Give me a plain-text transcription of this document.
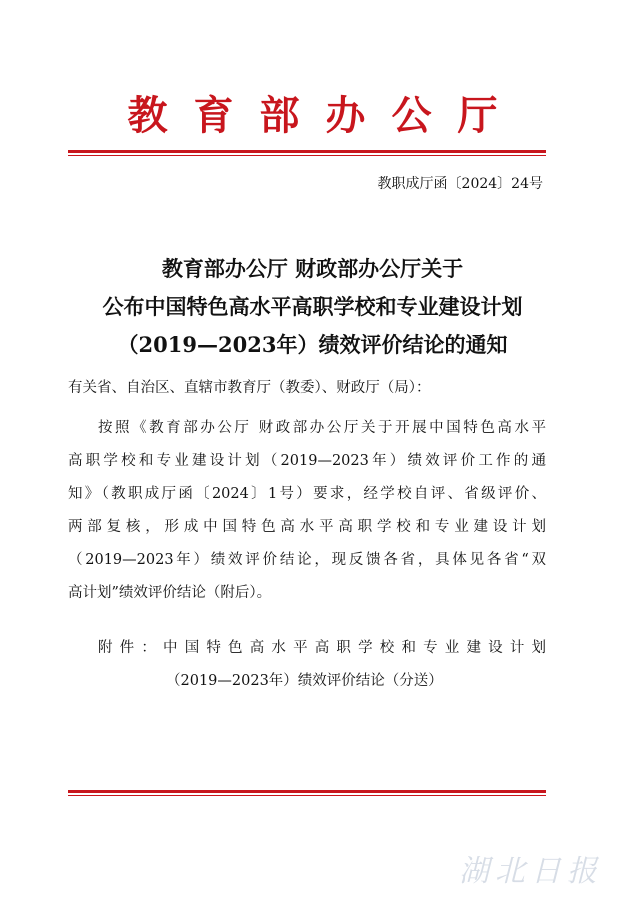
教育部办公厅
教职成厅函〔2024〕24号
教育部办公厅 财政部办公厅关于
公布中国特色高水平高职学校和专业建设计划
（2019—2023年）绩效评价结论的通知
有关省、自治区、直辖市教育厅（教委）、财政厅（局）：
按照《教育部办公厅 财政部办公厅关于开展中国特色高水平
高职学校和专业建设计划（2019—2023年）绩效评价工作的通
知》（教职成厅函〔2024〕1号）要求，经学校自评、省级评价、
两部复核，形成中国特色高水平高职学校和专业建设计划
（2019—2023年）绩效评价结论，现反馈各省，具体见各省“双
高计划”绩效评价结论（附后）。
附件：中国特色高水平高职学校和专业建设计划
（2019—2023年）绩效评价结论（分送）
湖北日报
